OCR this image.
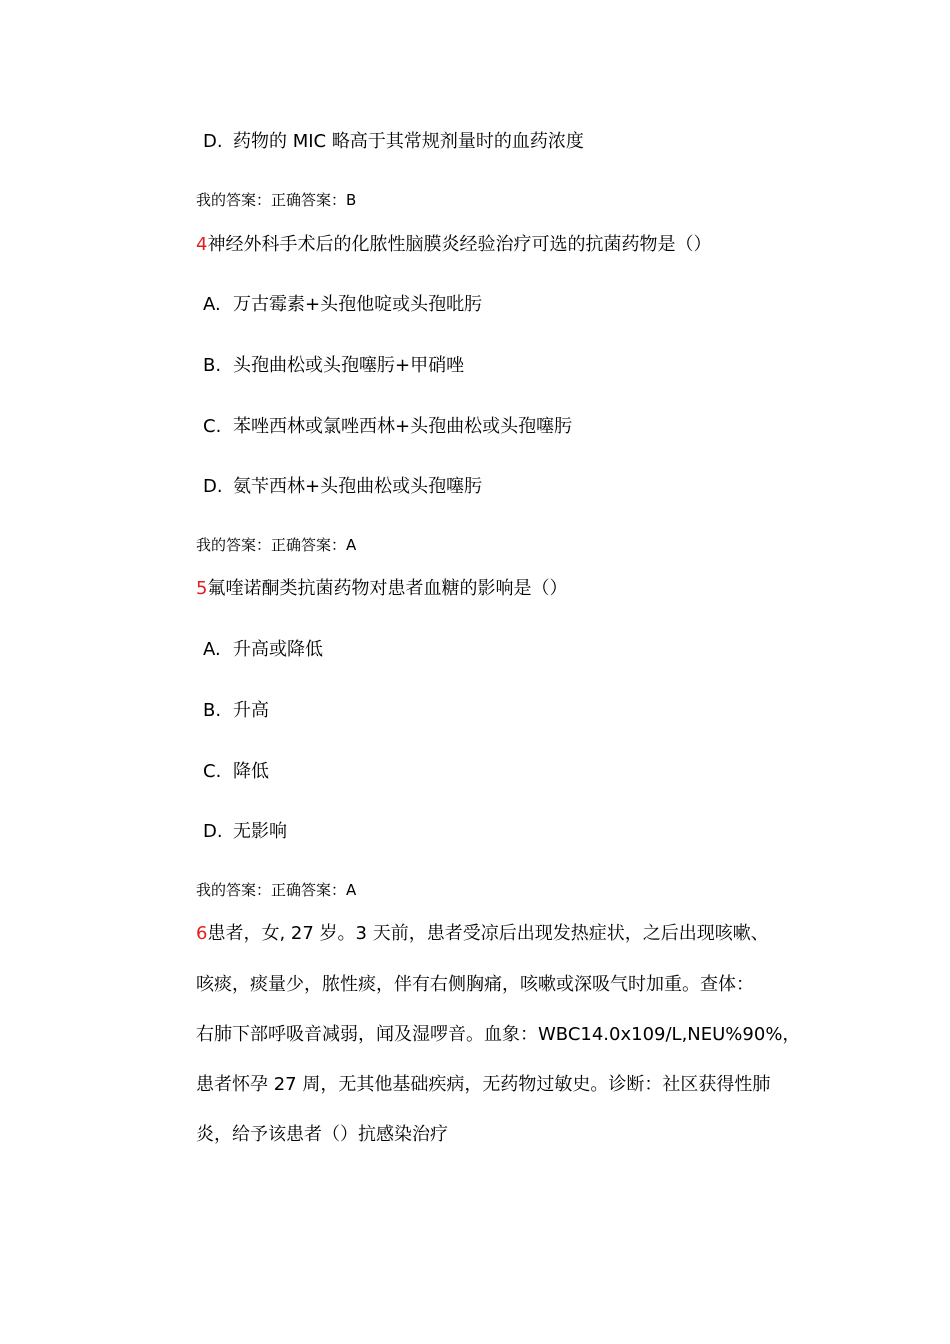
D. 药物的 MIC 略高于其常规剂量时的血药浓度
我的答案：正确答案：B
4神经外科手术后的化脓性脑膜炎经验治疗可选的抗菌药物是（）
A. 万古霉素+头孢他啶或头孢吡肟
B. 头孢曲松或头孢噻肟+甲硝唑
C. 苯唑西林或氯唑西林+头孢曲松或头孢噻肟
D. 氨苄西林+头孢曲松或头孢噻肟
我的答案：正确答案：A
5氟喹诺酮类抗菌药物对患者血糖的影响是（）
A. 升高或降低
B. 升高
C. 降低
D. 无影响
我的答案：正确答案：A
6患者，女, 27 岁。3 天前，患者受凉后出现发热症状，之后出现咳嗽、
咳痰，痰量少，脓性痰，伴有右侧胸痛，咳嗽或深吸气时加重。查体：
右肺下部呼吸音减弱，闻及湿啰音。血象：WBC14.0x109/L,NEU%90%，
患者怀孕 27 周，无其他基础疾病，无药物过敏史。诊断：社区获得性肺
炎，给予该患者（）抗感染治疗
